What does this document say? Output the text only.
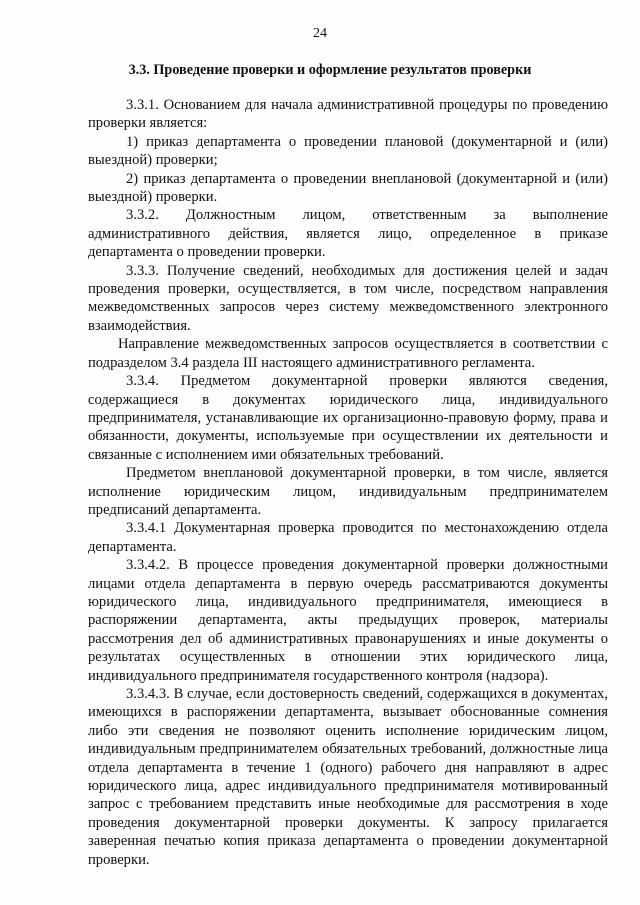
24
3.3. Проведение проверки и оформление результатов проверки

3.3.1. Основанием для начала административной процедуры по проведению проверки является:

1) приказ департамента о проведении плановой (документарной и (или) выездной) проверки;

2) приказ департамента о проведении внеплановой (документарной и (или) выездной) проверки.

3.3.2. Должностным лицом, ответственным за выполнение административного действия, является лицо, определенное в приказе департамента о проведении проверки.

3.3.3. Получение сведений, необходимых для достижения целей и задач проведения проверки, осуществляется, в том числе, посредством направления межведомственных запросов через систему межведомственного электронного взаимодействия.

Направление межведомственных запросов осуществляется в соответствии с подразделом 3.4 раздела III настоящего административного регламента.

3.3.4. Предметом документарной проверки являются сведения, содержащиеся в документах юридического лица, индивидуального предпринимателя, устанавливающие их организационно-правовую форму, права и обязанности, документы, используемые при осуществлении их деятельности и связанные с исполнением ими обязательных требований.

Предметом внеплановой документарной проверки, в том числе, является исполнение юридическим лицом, индивидуальным предпринимателем предписаний департамента.

3.3.4.1 Документарная проверка проводится по местонахождению отдела департамента.

3.3.4.2. В процессе проведения документарной проверки должностными лицами отдела департамента в первую очередь рассматриваются документы юридического лица, индивидуального предпринимателя, имеющиеся в распоряжении департамента, акты предыдущих проверок, материалы рассмотрения дел об административных правонарушениях и иные документы о результатах осуществленных в отношении этих юридического лица, индивидуального предпринимателя государственного контроля (надзора).

3.3.4.3. В случае, если достоверность сведений, содержащихся в документах, имеющихся в распоряжении департамента, вызывает обоснованные сомнения либо эти сведения не позволяют оценить исполнение юридическим лицом, индивидуальным предпринимателем обязательных требований, должностные лица отдела департамента в течение 1 (одного) рабочего дня направляют в адрес юридического лица, адрес индивидуального предпринимателя мотивированный запрос с требованием представить иные необходимые для рассмотрения в ходе проведения документарной проверки документы. К запросу прилагается заверенная печатью копия приказа департамента о проведении документарной проверки.
